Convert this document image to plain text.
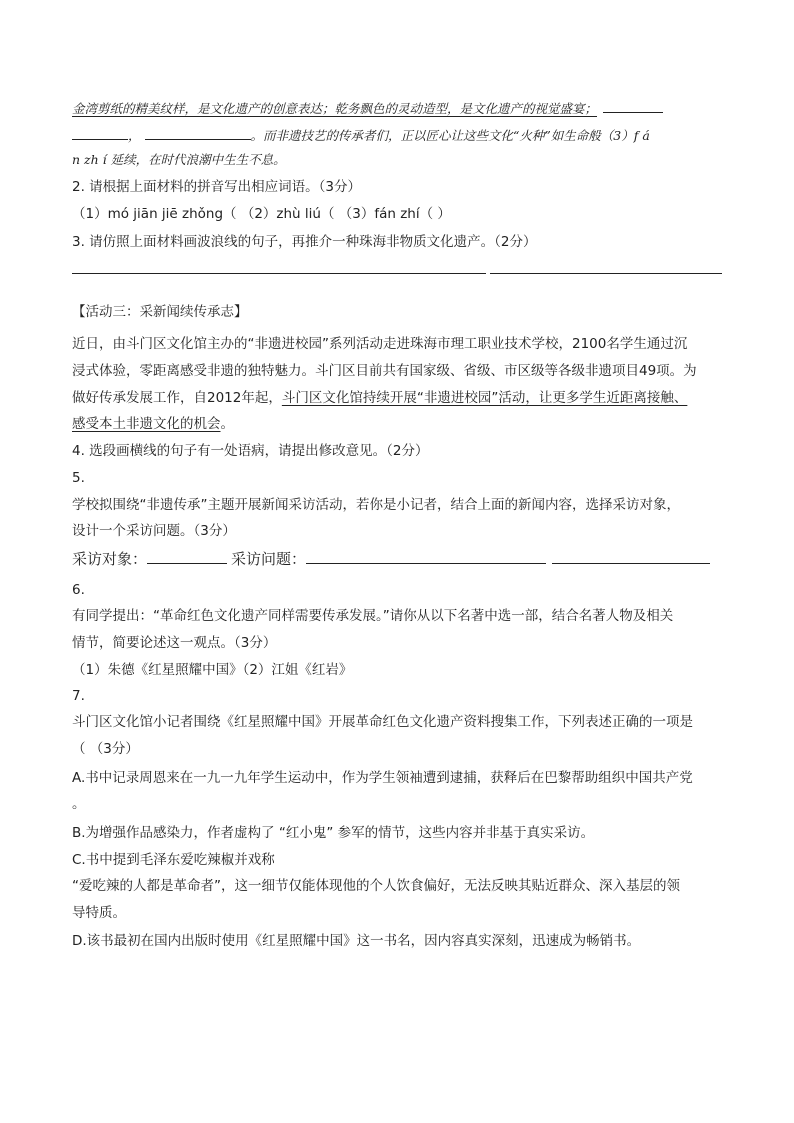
金湾剪纸的精美纹样，是文化遗产的创意表达；乾务飘色的灵动造型，是文化遗产的视觉盛宴；
，	。而非遗技艺的传承者们，正以匠心让这些文化“火种”如生命般（3）f á
n zh í 延续，在时代浪潮中生生不息。
2. 请根据上面材料的拼音写出相应词语。（3分）
（1）mó jiān jiē zhǒng（ （2）zhù liú（ （3）fán zhí（ ）
3. 请仿照上面材料画波浪线的句子，再推介一种珠海非物质文化遗产。（2分）
【活动三：采新闻续传承志】
近日，由斗门区文化馆主办的“非遗进校园”系列活动走进珠海市理工职业技术学校，2100名学生通过沉
浸式体验，零距离感受非遗的独特魅力。斗门区目前共有国家级、省级、市区级等各级非遗项目49项。为
做好传承发展工作，自2012年起，斗门区文化馆持续开展“非遗进校园”活动，让更多学生近距离接触、
感受本土非遗文化的机会。
4. 选段画横线的句子有一处语病，请提出修改意见。（2分）
5.
学校拟围绕“非遗传承”主题开展新闻采访活动，若你是小记者，结合上面的新闻内容，选择采访对象，
设计一个采访问题。（3分）
采访对象：	采访问题：
6.
有同学提出：“革命红色文化遗产同样需要传承发展。”请你从以下名著中选一部，结合名著人物及相关
情节，简要论述这一观点。（3分）
（1）朱德《红星照耀中国》（2）江姐《红岩》
7.
斗门区文化馆小记者围绕《红星照耀中国》开展革命红色文化遗产资料搜集工作，下列表述正确的一项是
（ （3分）
A.书中记录周恩来在一九一九年学生运动中，作为学生领袖遭到逮捕，获释后在巴黎帮助组织中国共产党
。
B.为增强作品感染力，作者虚构了 “红小鬼” 参军的情节，这些内容并非基于真实采访。
C.书中提到毛泽东爱吃辣椒并戏称
“爱吃辣的人都是革命者”，这一细节仅能体现他的个人饮食偏好，无法反映其贴近群众、深入基层的领
导特质。
D.该书最初在国内出版时使用《红星照耀中国》这一书名，因内容真实深刻，迅速成为畅销书。
